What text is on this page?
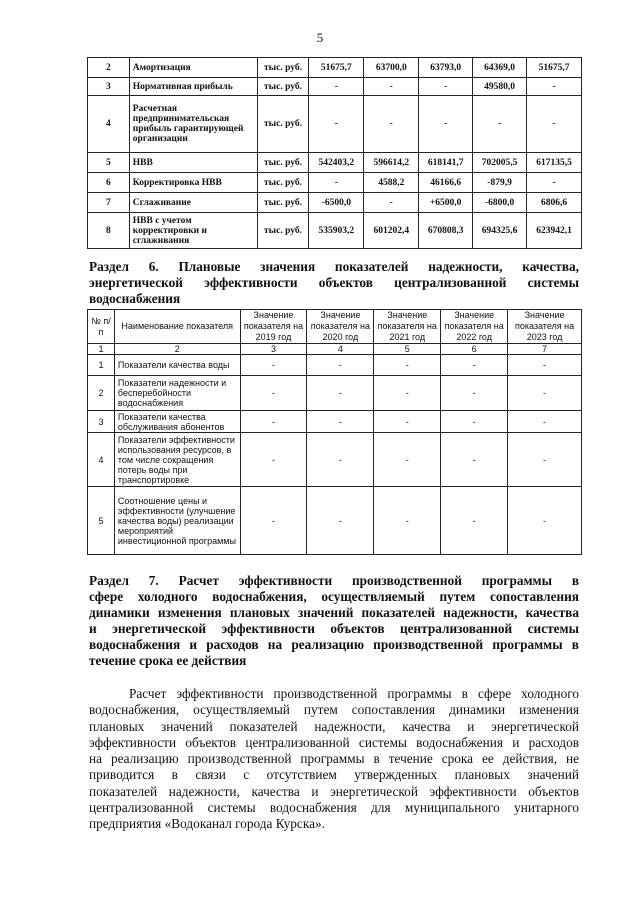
5
2	Амортизация	тыс. руб.	51675,7	63700,0	63793,0	64369,0	51675,7
3	Нормативная прибыль	тыс. руб.	-	-	-	49580,0	-
4	Расчетная предпринимательская прибыль гарантирующей организации	тыс. руб.	-	-	-	-	-
5	НВВ	тыс. руб.	542403,2	596614,2	618141,7	702005,5	617135,5
6	Корректировка НВВ	тыс. руб.	-	4588,2	46166,6	-879,9	-
7	Сглаживание	тыс. руб.	-6500,0	-	+6500,0	-6800,0	6806,6
8	НВВ с учетом корректировки и сглаживания	тыс. руб.	535903,2	601202,4	670808,3	694325,6	623942,1
Раздел 6. Плановые значения показателей надежности, качества,
энергетической эффективности объектов централизованной системы
водоснабжения
№ п/п	Наименование показателя	Значение показателя на 2019 год	Значение показателя на 2020 год	Значение показателя на 2021 год	Значение показателя на 2022 год	Значение показателя на 2023 год
1	2	3	4	5	6	7
1	Показатели качества воды	-	-	-	-	-
2	Показатели надежности и бесперебойности водоснабжения	-	-	-	-	-
3	Показатели качества обслуживания абонентов	-	-	-	-	-
4	Показатели эффективности использования ресурсов, в том числе сокращения потерь воды при транспортировке	-	-	-	-	-
5	Соотношение цены и эффективности (улучшение качества воды) реализации мероприятий инвестиционной программы	-	-	-	-	-
Раздел 7. Расчет эффективности производственной программы в
сфере холодного водоснабжения, осуществляемый путем сопоставления
динамики изменения плановых значений показателей надежности, качества
и энергетической эффективности объектов централизованной системы
водоснабжения и расходов на реализацию производственной программы в
течение срока ее действия
Расчет эффективности производственной программы в сфере холодного
водоснабжения, осуществляемый путем сопоставления динамики изменения
плановых значений показателей надежности, качества и энергетической
эффективности объектов централизованной системы водоснабжения и расходов
на реализацию производственной программы в течение срока ее действия, не
приводится в связи с отсутствием утвержденных плановых значений
показателей надежности, качества и энергетической эффективности объектов
централизованной системы водоснабжения для муниципального унитарного
предприятия «Водоканал города Курска».
